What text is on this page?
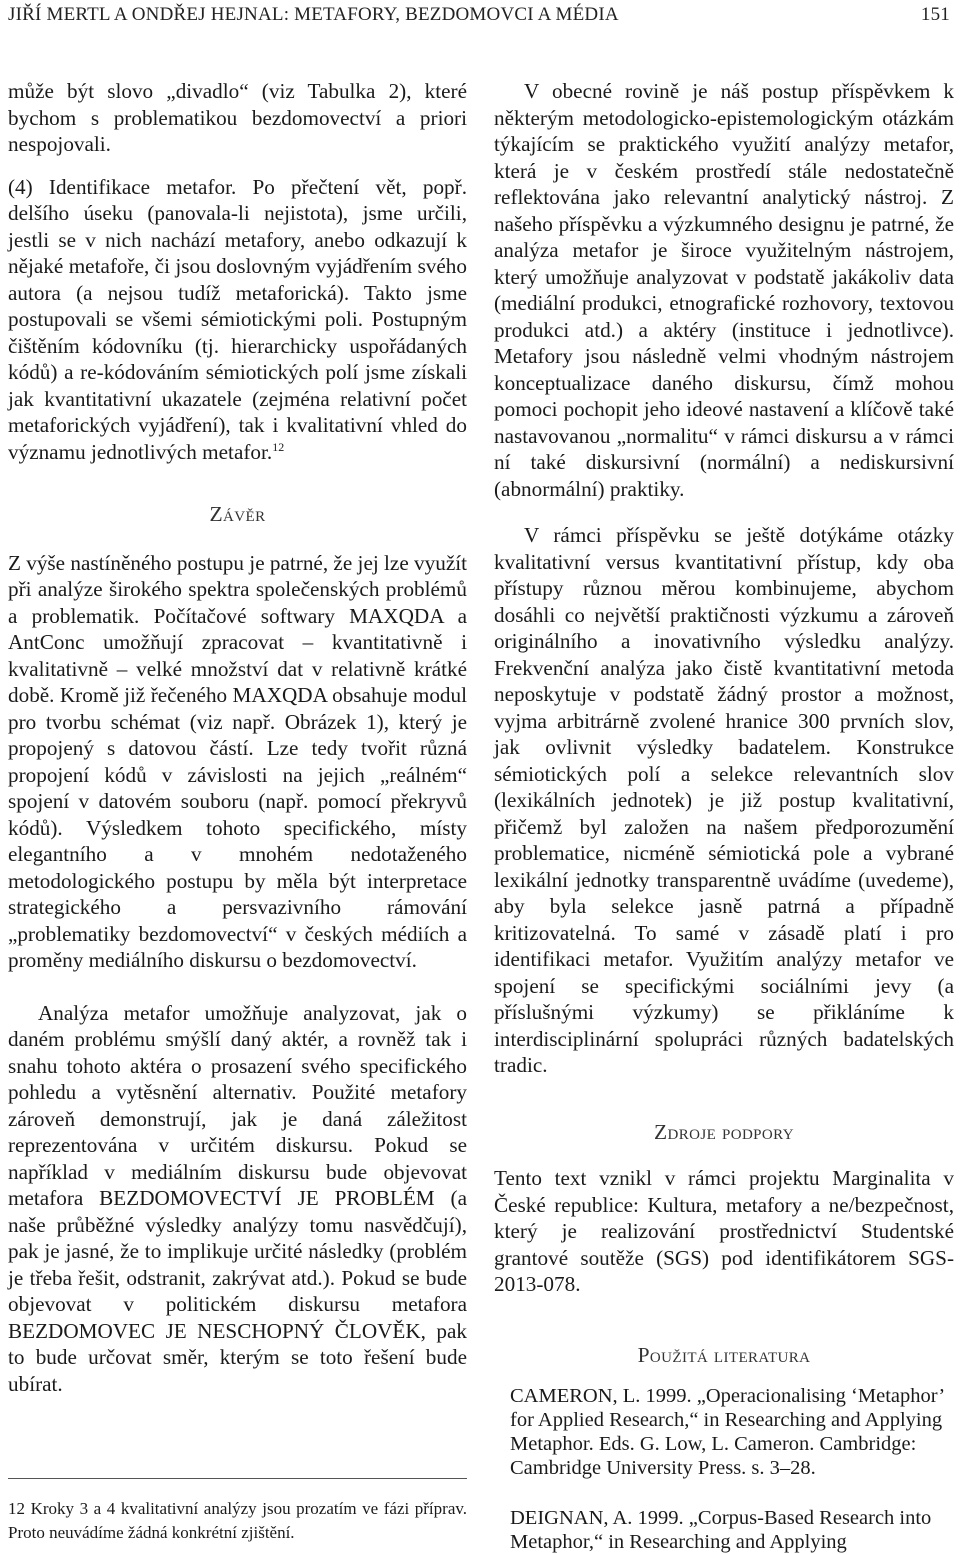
JIŘÍ MERTL A ONDŘEJ HEJNAL: METAFORY, BEZDOMOVCI A MÉDIA	151

může být slovo „divadlo“ (viz Tabulka 2), které bychom s problematikou bezdomovectví a priori nespojovali.

(4) Identifikace metafor. Po přečtení vět, popř. delšího úseku (panovala-li nejistota), jsme určili, jestli se v nich nachází metafory, anebo odkazují k nějaké metafoře, či jsou doslovným vyjádřením svého autora (a nejsou tudíž metaforická). Takto jsme postupovali se všemi sémiotickými poli. Postupným čištěním kódovníku (tj. hierarchicky uspořádaných kódů) a re-kódováním sémiotických polí jsme získali jak kvantitativní ukazatele (zejména relativní počet metaforických vyjádření), tak i kvalitativní vhled do významu jednotlivých metafor.$^{12}$

Závěr

Z výše nastíněného postupu je patrné, že jej lze využít při analýze širokého spektra společenských problémů a problematik. Počítačové softwary MAXQDA a AntConc umožňují zpracovat – kvantitativně i kvalitativně – velké množství dat v relativně krátké době. Kromě již řečeného MAXQDA obsahuje modul pro tvorbu schémat (viz např. Obrázek 1), který je propojený s datovou částí. Lze tedy tvořit různá propojení kódů v závislosti na jejich „reálném“ spojení v datovém souboru (např. pomocí překryvů kódů). Výsledkem tohoto specifického, místy elegantního a v mnohém nedotaženého metodologického postupu by měla být interpretace strategického a persvazivního rámování „problematiky bezdomovectví“ v českých médiích a proměny mediálního diskursu o bezdomovectví.

Analýza metafor umožňuje analyzovat, jak o daném problému smýšlí daný aktér, a rovněž tak i snahu tohoto aktéra o prosazení svého specifického pohledu a vytěsnění alternativ. Použité metafory zároveň demonstrují, jak je daná záležitost reprezentována v určitém diskursu. Pokud se například v mediálním diskursu bude objevovat metafora BEZDOMOVECTVÍ JE PROBLÉM (a naše průběžné výsledky analýzy tomu nasvědčují), pak je jasné, že to implikuje určité následky (problém je třeba řešit, odstranit, zakrývat atd.). Pokud se bude objevovat v politickém diskursu metafora BEZDOMOVEC JE NESCHOPNÝ ČLOVĚK, pak to bude určovat směr, kterým se toto řešení bude ubírat.

12 Kroky 3 a 4 kvalitativní analýzy jsou prozatím ve fázi příprav. Proto neuvádíme žádná konkrétní zjištění.

V obecné rovině je náš postup příspěvkem k některým metodologicko-epistemologickým otázkám týkajícím se praktického využití analýzy metafor, která je v českém prostředí stále nedostatečně reflektována jako relevantní analytický nástroj. Z našeho příspěvku a výzkumného designu je patrné, že analýza metafor je široce využitelným nástrojem, který umožňuje analyzovat v podstatě jakákoliv data (mediální produkci, etnografické rozhovory, textovou produkci atd.) a aktéry (instituce i jednotlivce). Metafory jsou následně velmi vhodným nástrojem konceptualizace daného diskursu, čímž mohou pomoci pochopit jeho ideové nastavení a klíčově také nastavovanou „normalitu“ v rámci diskursu a v rámci ní také diskursivní (normální) a nediskursivní (abnormální) praktiky.

V rámci příspěvku se ještě dotýkáme otázky kvalitativní versus kvantitativní přístup, kdy oba přístupy různou měrou kombinujeme, abychom dosáhli co největší praktičnosti výzkumu a zároveň originálního a inovativního výsledku analýzy. Frekvenční analýza jako čistě kvantitativní metoda neposkytuje v podstatě žádný prostor a možnost, vyjma arbitrárně zvolené hranice 300 prvních slov, jak ovlivnit výsledky badatelem. Konstrukce sémiotických polí a selekce relevantních slov (lexikálních jednotek) je již postup kvalitativní, přičemž byl založen na našem předporozumění problematice, nicméně sémiotická pole a vybrané lexikální jednotky transparentně uvádíme (uvedeme), aby byla selekce jasně patrná a případně kritizovatelná. To samé v zásadě platí i pro identifikaci metafor. Využitím analýzy metafor ve spojení se specifickými sociálními jevy (a příslušnými výzkumy) se přikláníme k interdisciplinární spolupráci různých badatelských tradic.

Zdroje podpory

Tento text vznikl v rámci projektu Marginalita v České republice: Kultura, metafory a ne/bezpečnost, který je realizování prostřednictví Studentské grantové soutěže (SGS) pod identifikátorem SGS-2013-078.

Použitá literatura

CAMERON, L. 1999. „Operacionalising ‘Metaphor’ for Applied Research,“ in Researching and Applying Metaphor. Eds. G. Low, L. Cameron. Cambridge: Cambridge University Press. s. 3–28.

DEIGNAN, A. 1999. „Corpus-Based Research into Metaphor,“ in Researching and Applying
